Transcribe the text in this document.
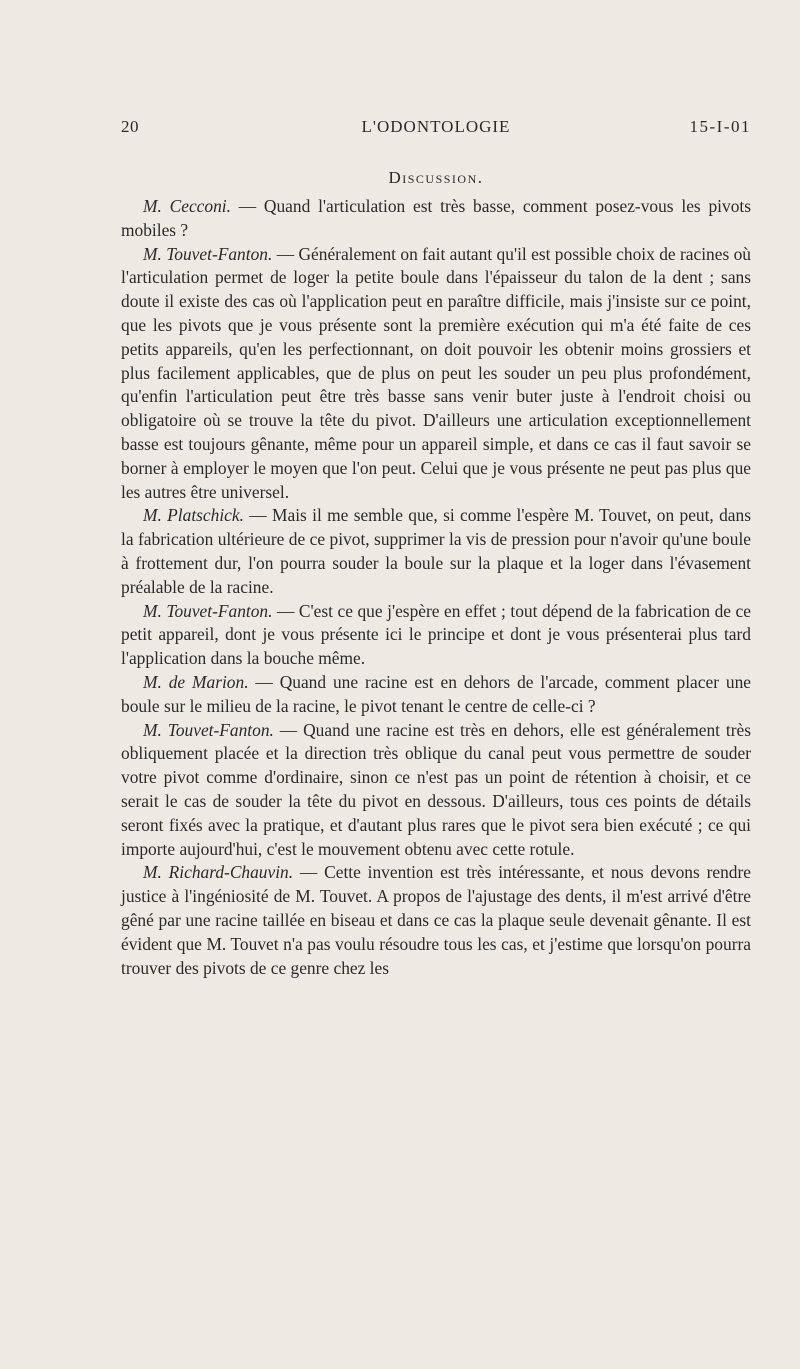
20	L'ODONTOLOGIE	15-I-01
Discussion.

M. Cecconi. — Quand l'articulation est très basse, comment posez-vous les pivots mobiles ?

M. Touvet-Fanton. — Généralement on fait autant qu'il est possible choix de racines où l'articulation permet de loger la petite boule dans l'épaisseur du talon de la dent ; sans doute il existe des cas où l'application peut en paraître difficile, mais j'insiste sur ce point, que les pivots que je vous présente sont la première exécution qui m'a été faite de ces petits appareils, qu'en les perfectionnant, on doit pouvoir les obtenir moins grossiers et plus facilement applicables, que de plus on peut les souder un peu plus profondément, qu'enfin l'articulation peut être très basse sans venir buter juste à l'endroit choisi ou obligatoire où se trouve la tête du pivot. D'ailleurs une articulation exceptionnellement basse est toujours gênante, même pour un appareil simple, et dans ce cas il faut savoir se borner à employer le moyen que l'on peut. Celui que je vous présente ne peut pas plus que les autres être universel.

M. Platschick. — Mais il me semble que, si comme l'espère M. Touvet, on peut, dans la fabrication ultérieure de ce pivot, supprimer la vis de pression pour n'avoir qu'une boule à frottement dur, l'on pourra souder la boule sur la plaque et la loger dans l'évasement préalable de la racine.

M. Touvet-Fanton. — C'est ce que j'espère en effet ; tout dépend de la fabrication de ce petit appareil, dont je vous présente ici le principe et dont je vous présenterai plus tard l'application dans la bouche même.

M. de Marion. — Quand une racine est en dehors de l'arcade, comment placer une boule sur le milieu de la racine, le pivot tenant le centre de celle-ci ?

M. Touvet-Fanton. — Quand une racine est très en dehors, elle est généralement très obliquement placée et la direction très oblique du canal peut vous permettre de souder votre pivot comme d'ordinaire, sinon ce n'est pas un point de rétention à choisir, et ce serait le cas de souder la tête du pivot en dessous. D'ailleurs, tous ces points de détails seront fixés avec la pratique, et d'autant plus rares que le pivot sera bien exécuté ; ce qui importe aujourd'hui, c'est le mouvement obtenu avec cette rotule.

M. Richard-Chauvin. — Cette invention est très intéressante, et nous devons rendre justice à l'ingéniosité de M. Touvet. A propos de l'ajustage des dents, il m'est arrivé d'être gêné par une racine taillée en biseau et dans ce cas la plaque seule devenait gênante. Il est évident que M. Touvet n'a pas voulu résoudre tous les cas, et j'estime que lorsqu'on pourra trouver des pivots de ce genre chez les
